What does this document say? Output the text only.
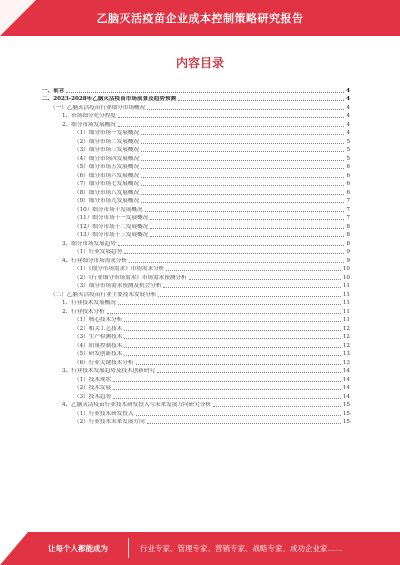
乙脑灭活疫苗企业成本控制策略研究报告
内容目录
一、前言	4
二、2023-2028年乙脑灭活疫苗市场前景及趋势预测	4
（一）乙脑灭活疫苗行业细分市场概况	4
1、市场细分充分程度	4
2、细分市场发展概况	4
（1）细分市场一发展概况	4
（2）细分市场二发展概况	5
（3）细分市场三发展概况	5
（4）细分市场四发展概况	5
（5）细分市场五发展概况	6
（6）细分市场六发展概况	6
（7）细分市场七发展概况	6
（8）细分市场八发展概况	6
（9）细分市场九发展概况	7
（10）细分市场十发展概况	7
（11）细分市场十一发展概况	7
（12）细分市场十二发展概况	8
（13）细分市场十三发展概况	8
3、细分市场发展趋势	8
（1）行业发展趋势	9
4、行业细分市场需求分析	9
（1）《细分市场需求》市场需求分析	10
（2）《行业细分市场需求》市场需求预测分析	10
（3）细分市场需求预测及机会分析	11
（二）乙脑灭活疫苗行业主要技术发展分析	11
1、行业技术发展概况	11
2、行业技术分析	11
（1）核心技术分析	11
（2）相关工艺技术	12
（3）生产检测技术	12
（4）质量控制技术	12
（5）研发创新技术	13
（6）行业关键技术分析	13
3、行业技术发展趋势及技术创新研究	14
（1）技术现状	14
（2）技术发展	14
（3）技术趋势	14
4、乙脑灭活疫苗行业技术研发投入与未来发展方向研究分析	15
（1）行业技术研发投入	15
（2）行业技术未来发展方向	15
让每个人都能成为	行业专家、管理专家、营销专家、战略专家、成功企业家……
